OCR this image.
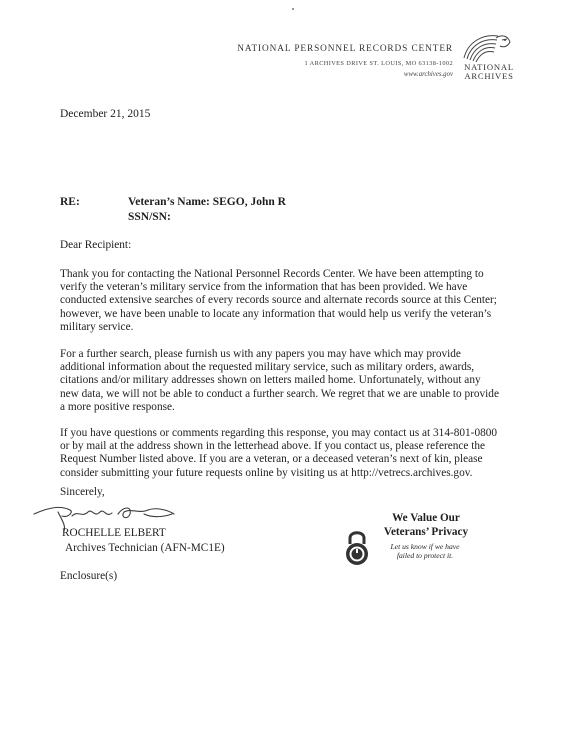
NATIONAL PERSONNEL RECORDS CENTER
1 ARCHIVES DRIVE ST. LOUIS, MO 63138-1002
www.archives.gov
NATIONAL
ARCHIVES
December 21, 2015
RE:	Veteran’s Name: SEGO, John R
SSN/SN:
Dear Recipient:
Thank you for contacting the National Personnel Records Center. We have been attempting to verify the veteran’s military service from the information that has been provided. We have conducted extensive searches of every records source and alternate records source at this Center; however, we have been unable to locate any information that would help us verify the veteran’s military service.
For a further search, please furnish us with any papers you may have which may provide additional information about the requested military service, such as military orders, awards, citations and/or military addresses shown on letters mailed home. Unfortunately, without any new data, we will not be able to conduct a further search. We regret that we are unable to provide a more positive response.
If you have questions or comments regarding this response, you may contact us at 314-801-0800 or by mail at the address shown in the letterhead above. If you contact us, please reference the Request Number listed above. If you are a veteran, or a deceased veteran’s next of kin, please consider submitting your future requests online by visiting us at http://vetrecs.archives.gov.
Sincerely,
ROCHELLE ELBERT
Archives Technician (AFN-MC1E)
Enclosure(s)
We Value Our
Veterans’ Privacy
Let us know if we have
failed to protect it.
